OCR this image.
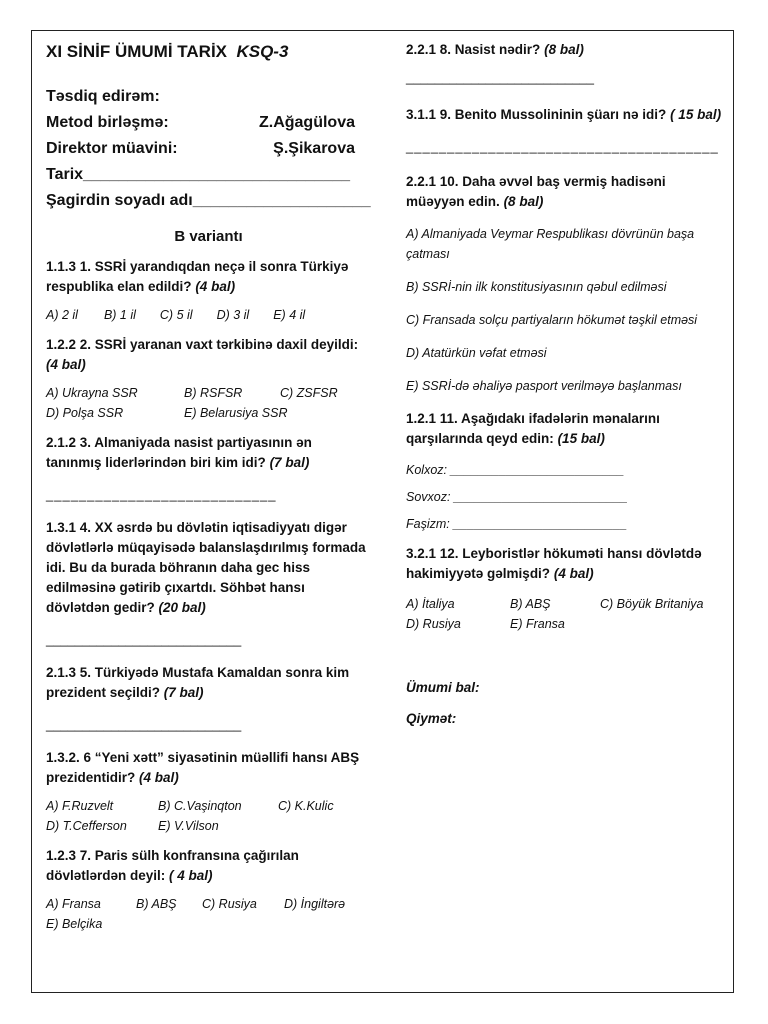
XI SİNİF ÜMUMİ TARİX KSQ-3
Təsdiq edirəm:
Metod birləşmə:	Z.Ağagülova
Direktor müavini:	Ş.Şikarova
Tarix______________________________
Şagirdin soyadı adı____________________
B variantı
1.1.3 1. SSRİ yarandıqdan neçə il sonra Türkiyə respublika elan edildi? (4 bal)
A) 2 il B) 1 il C) 5 il D) 3 il E) 4 il
1.2.2 2. SSRİ yaranan vaxt tərkibinə daxil deyildi: (4 bal)
A) Ukrayna SSR	B) RSFSR	C) ZSFSR
D) Polşa SSR	E) Belarusiya SSR
2.1.2 3. Almaniyada nasist partiyasının ən tanınmış liderlərindən biri kim idi? (7 bal)
____________________________
1.3.1 4. XX əsrdə bu dövlətin iqtisadiyyatı digər dövlətlərlə müqayisədə balanslaşdırılmış formada idi. Bu da burada böhranın daha gec hiss edilməsinə gətirib çıxartdı. Söhbət hansı dövlətdən gedir? (20 bal)
___________________________
2.1.3 5. Türkiyədə Mustafa Kamaldan sonra kim prezident seçildi? (7 bal)
___________________________
1.3.2. 6 “Yeni xətt” siyasətinin müəllifi hansı ABŞ prezidentidir? (4 bal)
A) F.Ruzvelt	B) C.Vaşinqton	C) K.Kulic
D) T.Cefferson E) V.Vilson
1.2.3 7. Paris sülh konfransına çağırılan dövlətlərdən deyil: ( 4 bal)
A) Fransa	B) ABŞ C) Rusiya D) İngiltərə
E) Belçika
2.2.1 8. Nasist nədir? (8 bal)
__________________________
3.1.1 9. Benito Mussolininin şüarı nə idi? ( 15 bal)
______________________________________
2.2.1 10. Daha əvvəl baş vermiş hadisəni müəyyən edin. (8 bal)
A) Almaniyada Veymar Respublikası dövrünün başa çatması
B) SSRİ-nin ilk konstitusiyasının qəbul edilməsi
C) Fransada solçu partiyaların hökumət təşkil etməsi
D) Atatürkün vəfat etməsi
E) SSRİ-də əhaliyə pasport verilməyə başlanması
1.2.1 11. Aşağıdakı ifadələrin mənalarını qarşılarında qeyd edin: (15 bal)
Kolxoz: _________________________
Sovxoz: _________________________
Faşizm: _________________________
3.2.1 12. Leyboristlər hökuməti hansı dövlətdə hakimiyyətə gəlmişdi? (4 bal)
A) İtaliya	B) ABŞ	C) Böyük Britaniya
D) Rusiya	E) Fransa
Ümumi bal:
Qiymət:
